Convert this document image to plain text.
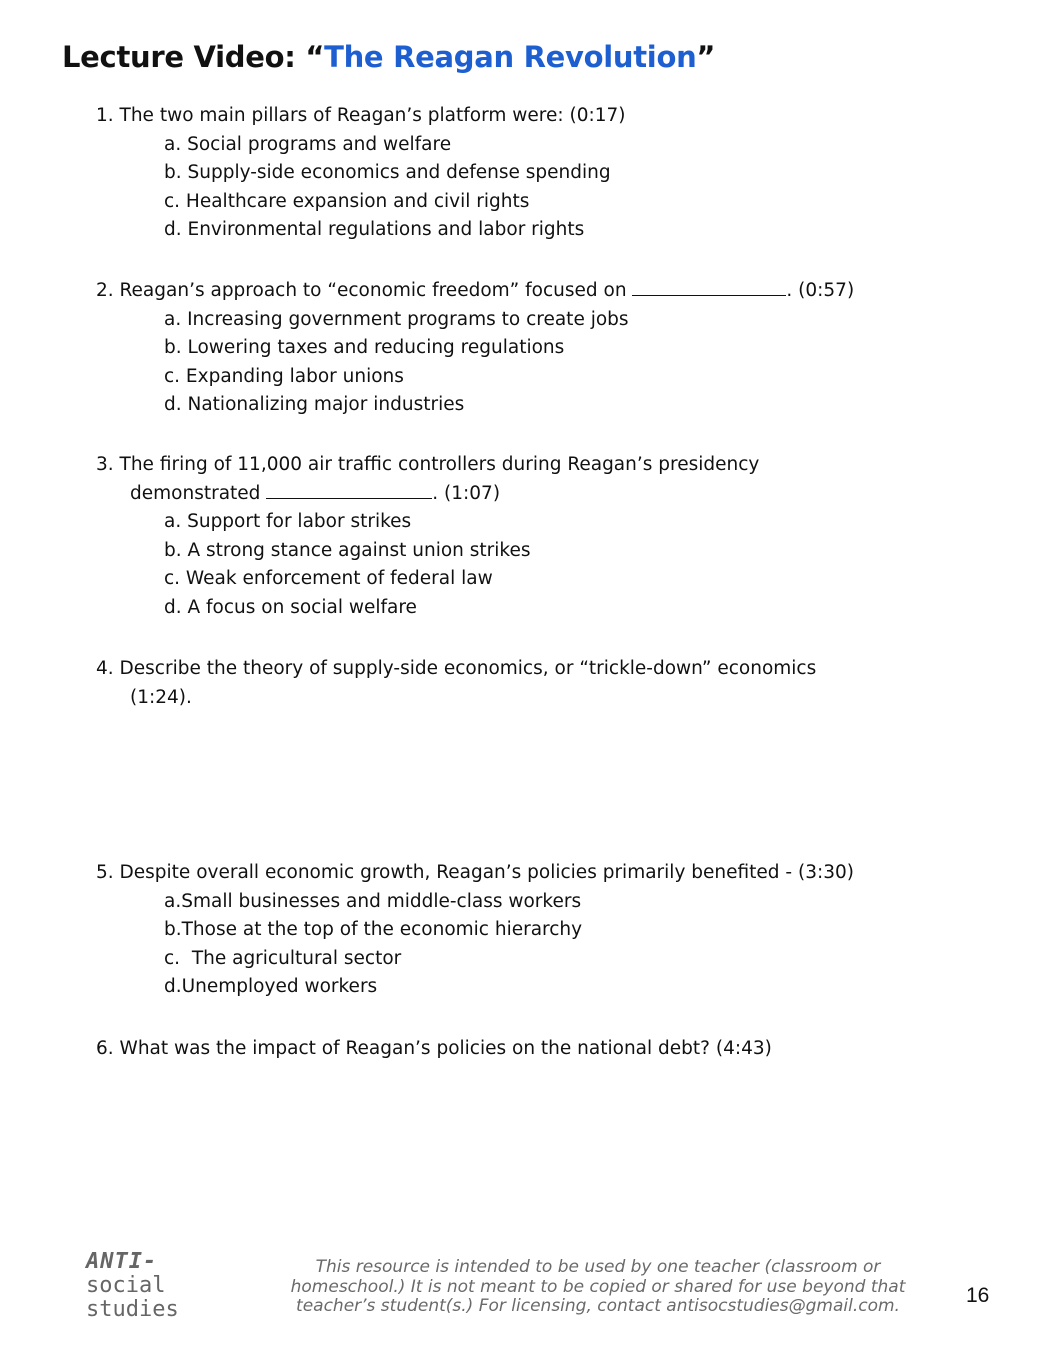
Lecture Video: “The Reagan Revolution”

1. The two main pillars of Reagan’s platform were: (0:17)

a. Social programs and welfare

b. Supply-side economics and defense spending

c. Healthcare expansion and civil rights

d. Environmental regulations and labor rights

2. Reagan’s approach to “economic freedom” focused on	. (0:57)

a. Increasing government programs to create jobs

b. Lowering taxes and reducing regulations

c. Expanding labor unions

d. Nationalizing major industries

3. The firing of 11,000 air traffic controllers during Reagan’s presidency

demonstrated	. (1:07)

a. Support for labor strikes

b. A strong stance against union strikes

c. Weak enforcement of federal law

d. A focus on social welfare

4. Describe the theory of supply-side economics, or “trickle-down” economics

(1:24).

5. Despite overall economic growth, Reagan’s policies primarily benefited - (3:30)

a.Small businesses and middle-class workers

b.Those at the top of the economic hierarchy

c.  The agricultural sector

d.Unemployed workers

6. What was the impact of Reagan’s policies on the national debt? (4:43)

ANTI-
social
studies
This resource is intended to be used by one teacher (classroom or
homeschool.) It is not meant to be copied or shared for use beyond that
teacher’s student(s.) For licensing, contact antisocstudies@gmail.com.	16
